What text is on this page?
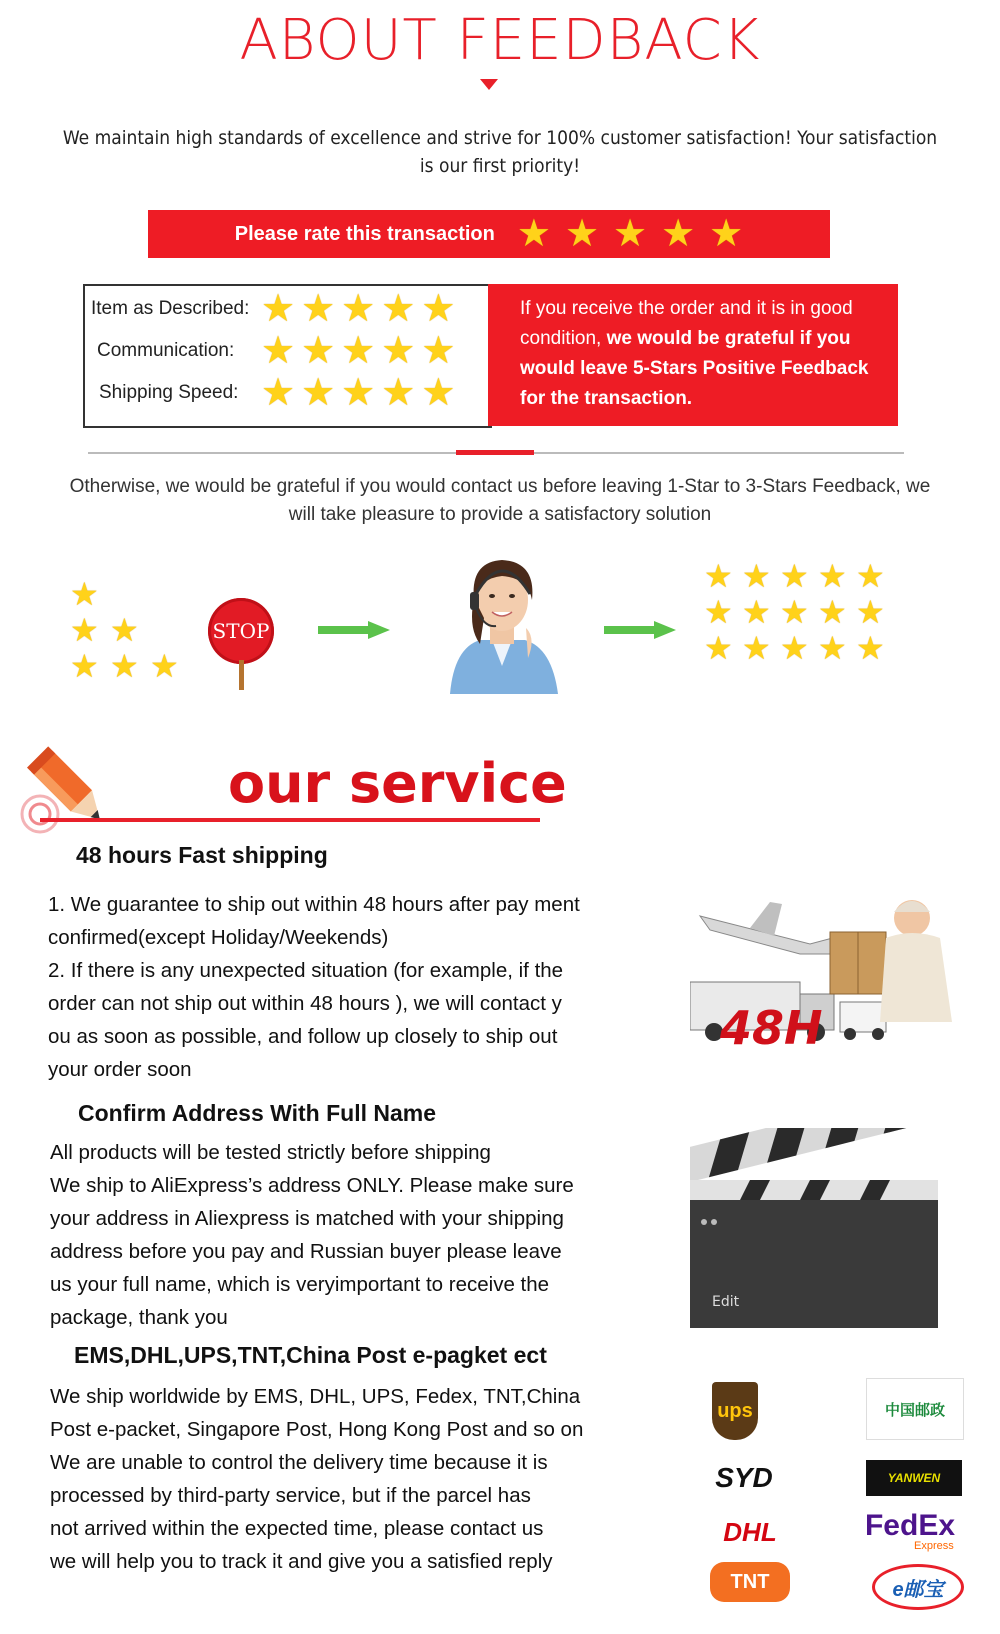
ABOUT FEEDBACK
We maintain high standards of excellence and strive for 100% customer satisfaction! Your satisfaction is our first priority!
Please rate this transaction ★ ★ ★ ★ ★
Item as Described: ★ ★ ★ ★ ★
Communication: ★ ★ ★ ★ ★
Shipping Speed: ★ ★ ★ ★ ★

If you receive the order and it is in good condition, we would be grateful if you would leave 5-Stars Positive Feedback for the transaction.

Otherwise, we would be grateful if you would contact us before leaving 1-Star to 3-Stars Feedback, we will take pleasure to provide a satisfactory solution
★
★ ★
★ ★ ★
STOP
★ ★ ★ ★ ★
★ ★ ★ ★ ★
★ ★ ★ ★ ★
our service
48 hours Fast shipping
1. We guarantee to ship out within 48 hours after pay ment
confirmed(except Holiday/Weekends)
2. If there is any unexpected situation (for example, if the
order can not ship out within 48 hours ), we will contact y
ou as soon as possible, and follow up closely to ship out
your order soon
Confirm Address With Full Name
All products will be tested strictly before shipping
We ship to AliExpress’s address ONLY. Please make sure
your address in Aliexpress is matched with your shipping
address before you pay and Russian buyer please leave
us your full name, which is veryimportant to receive the
package, thank you
EMS,DHL,UPS,TNT,China Post e-pagket ect
We ship worldwide by EMS, DHL, UPS, Fedex, TNT,China
Post e-packet, Singapore Post, Hong Kong Post and so on
We are unable to control the delivery time because it is
processed by third-party service, but if the parcel has
not arrived within the expected time, please contact us
we will help you to track it and give you a satisfied reply
48H
Edit
ups	中国邮政
SYD	YANWEN
DHL	FedEx
Express
TNT	e邮宝
